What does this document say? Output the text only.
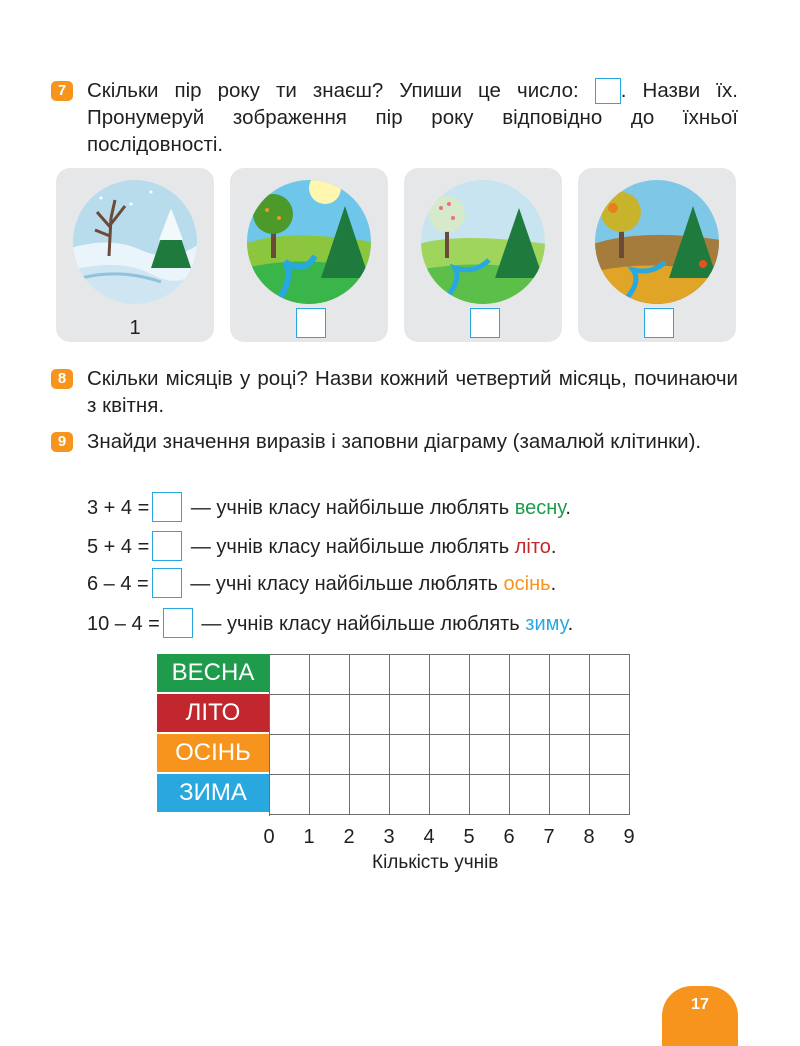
7	Скільки пір року ти знаєш? Упиши це число: . Назви їх. Пронумеруй зображення пір року відповідно до їхньої послідовності.

1
8	Скільки місяців у році? Назви кожний четвертий місяць, починаючи з квітня.

9	Знайди значення виразів і заповни діаграму (замалюй клітинки).

3 + 4 = — учнів класу найбільше люблять весну.
5 + 4 = — учнів класу найбільше люблять літо.
6 – 4 = — учні класу найбільше люблять осінь.
10 – 4 = — учнів класу найбільше люблять зиму.
ВЕСНА
ЛІТО
ОСІНЬ
ЗИМА
0 1 2 3 4 5 6 7 8 9
Кількість учнів
17
